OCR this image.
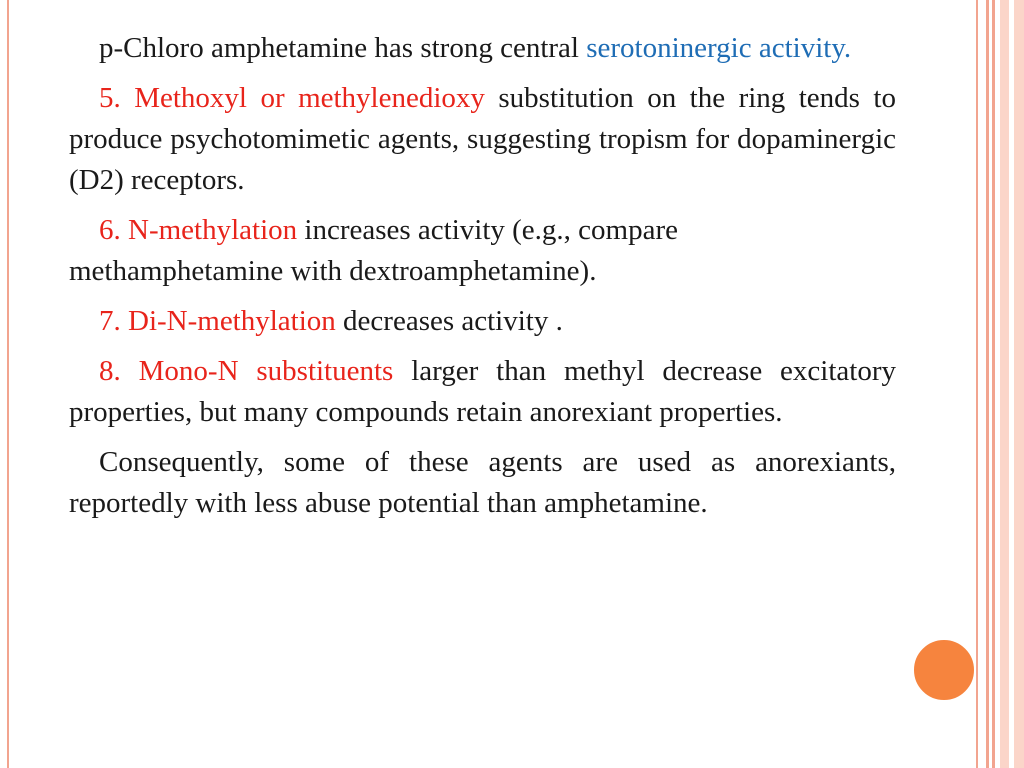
p-Chloro amphetamine has strong central serotoninergic activity.

5. Methoxyl or methylenedioxy substitution on the ring tends to produce psychotomimetic agents, suggesting tropism for dopaminergic (D2) receptors.

6. N-methylation increases activity (e.g., compare methamphetamine with dextroamphetamine).

7. Di-N-methylation decreases activity .

8. Mono-N substituents larger than methyl decrease excitatory properties, but many compounds retain anorexiant properties.

Consequently, some of these agents are used as anorexiants, reportedly with less abuse potential than amphetamine.
